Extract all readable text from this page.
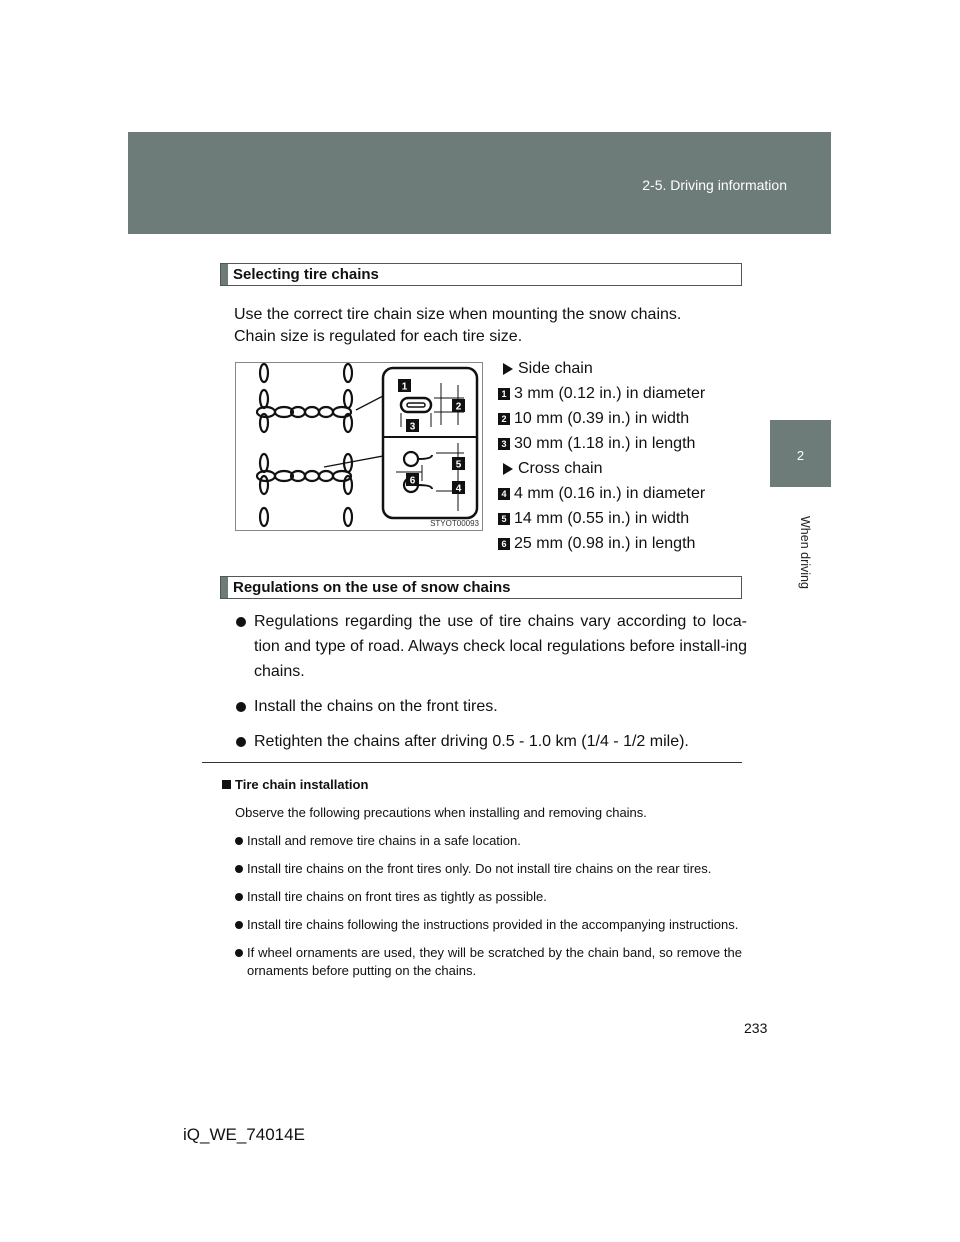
2-5. Driving information
2
When driving
Selecting tire chains
Use the correct tire chain size when mounting the snow chains.
Chain size is regulated for each tire size.
1
2
3
4
5
6
STYOT00093
Side chain
1 3 mm (0.12 in.) in diameter
2 10 mm (0.39 in.) in width
3 30 mm (1.18 in.) in length
Cross chain
4 4 mm (0.16 in.) in diameter
5 14 mm (0.55 in.) in width
6 25 mm (0.98 in.) in length
Regulations on the use of snow chains
Regulations regarding the use of tire chains vary according to loca-tion and type of road. Always check local regulations before install-ing chains.
Install the chains on the front tires.
Retighten the chains after driving 0.5 - 1.0 km (1/4 - 1/2 mile).
Tire chain installation
Observe the following precautions when installing and removing chains.
Install and remove tire chains in a safe location.
Install tire chains on the front tires only. Do not install tire chains on the rear tires.
Install tire chains on front tires as tightly as possible.
Install tire chains following the instructions provided in the accompanying instructions.
If wheel ornaments are used, they will be scratched by the chain band, so remove the ornaments before putting on the chains.
233
iQ_WE_74014E
